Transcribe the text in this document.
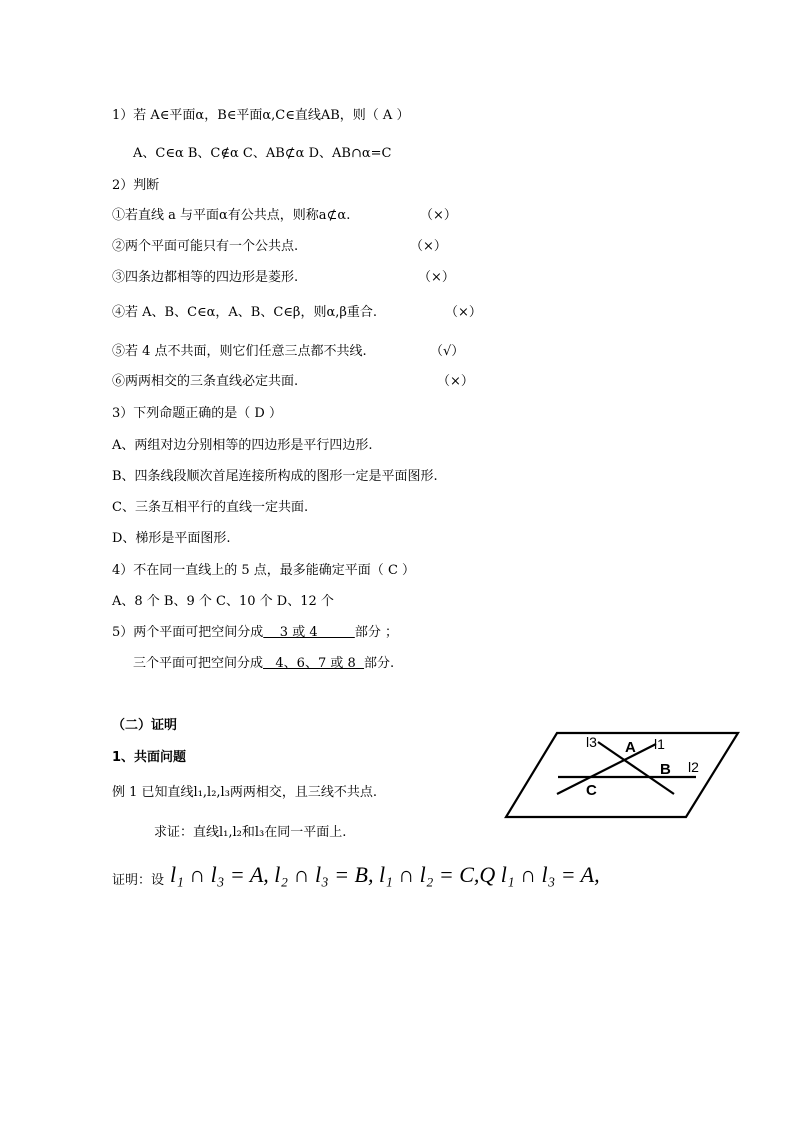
1）若 A∈平面α，B∈平面α,C∈直线AB，则（ A ）
A、C∈α B、C∉α C、AB⊄α D、AB∩α=C
2）判断
①若直线 a 与平面α有公共点，则称a⊄α.	（×）
②两个平面可能只有一个公共点.	（×）
③四条边都相等的四边形是菱形.	（×）
④若 A、B、C∈α，A、B、C∈β，则α,β重合.	（×）
⑤若 4 点不共面，则它们任意三点都不共线.	（√）
⑥两两相交的三条直线必定共面.	（×）
3）下列命题正确的是（ D ）
A、两组对边分别相等的四边形是平行四边形.
B、四条线段顺次首尾连接所构成的图形一定是平面图形.
C、三条互相平行的直线一定共面.
D、梯形是平面图形.
4）不在同一直线上的 5 点，最多能确定平面（ C ）
A、8 个 B、9 个 C、10 个 D、12 个
5）两个平面可把空间分成    3 或 4         部分 ；
三个平面可把空间分成   4、6、7 或 8  部分.
（二）证明
1、共面问题
例 1 已知直线l₁,l₂,l₃两两相交，且三线不共点.
求证：直线l₁,l₂和l₃在同一平面上.
证明：设 l₁ ∩ l₃ = A, l₂ ∩ l₃ = B, l₁ ∩ l₂ = C,Q l₁ ∩ l₃ = A,
l3 A l1
B l2
C
